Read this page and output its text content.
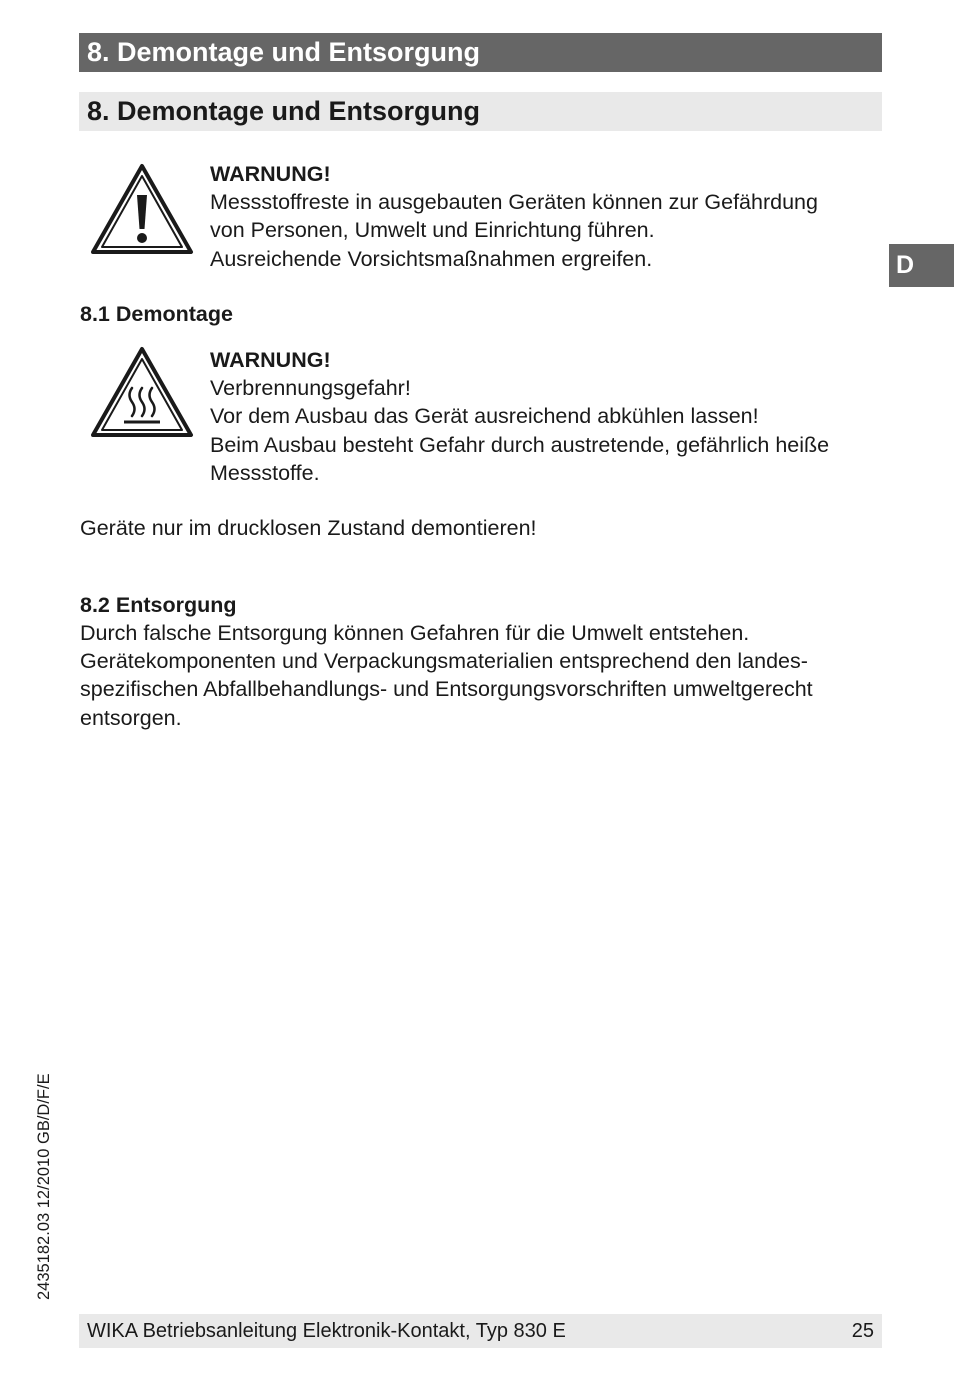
8. Demontage und Entsorgung
8. Demontage und Entsorgung
D
WARNUNG!
Messstoffreste in ausgebauten Geräten können zur Gefährdung
von Personen, Umwelt und Einrichtung führen.
Ausreichende Vorsichtsmaßnahmen ergreifen.
8.1 Demontage
WARNUNG!
Verbrennungsgefahr!
Vor dem Ausbau das Gerät ausreichend abkühlen lassen!
Beim Ausbau besteht Gefahr durch austretende, gefährlich heiße
Messstoffe.
Geräte nur im drucklosen Zustand demontieren!
8.2 Entsorgung
Durch falsche Entsorgung können Gefahren für die Umwelt entstehen.
Gerätekomponenten und Verpackungsmaterialien entsprechend den landes-
spezifischen Abfallbehandlungs- und Entsorgungsvorschriften umweltgerecht
entsorgen.
2435182.03 12/2010 GB/D/F/E
WIKA Betriebsanleitung Elektronik-Kontakt, Typ 830 E	25
